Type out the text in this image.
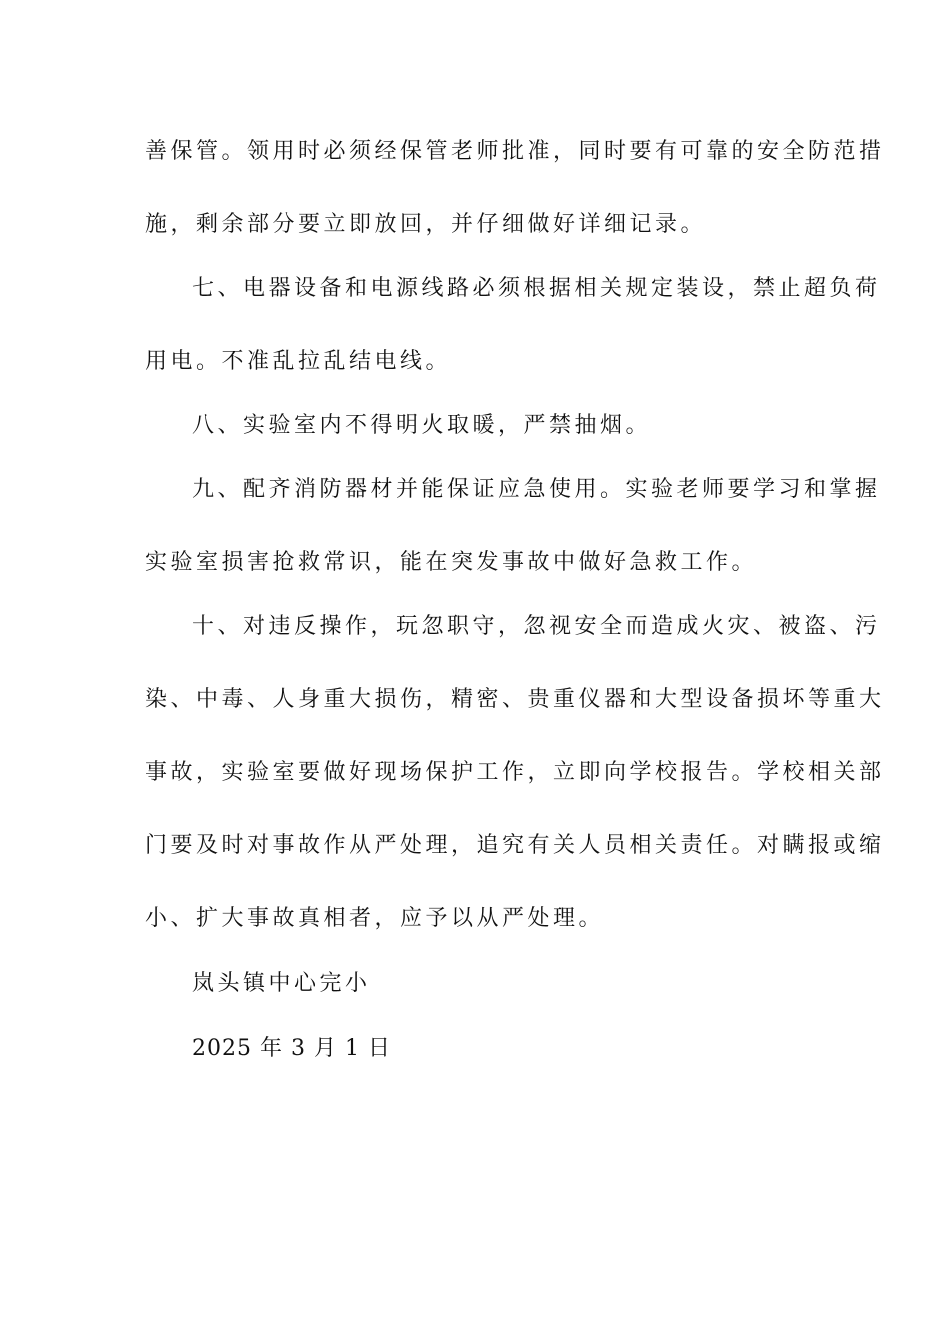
善保管。领用时必须经保管老师批准，同时要有可靠的安全防范措
施，剩余部分要立即放回，并仔细做好详细记录。
七、电器设备和电源线路必须根据相关规定装设，禁止超负荷
用电。不准乱拉乱结电线。
八、实验室内不得明火取暖，严禁抽烟。
九、配齐消防器材并能保证应急使用。实验老师要学习和掌握
实验室损害抢救常识，能在突发事故中做好急救工作。
十、对违反操作，玩忽职守，忽视安全而造成火灾、被盗、污
染、中毒、人身重大损伤，精密、贵重仪器和大型设备损坏等重大
事故，实验室要做好现场保护工作，立即向学校报告。学校相关部
门要及时对事故作从严处理，追究有关人员相关责任。对瞒报或缩
小、扩大事故真相者，应予以从严处理。
岚头镇中心完小
2025 年 3 月 1 日
